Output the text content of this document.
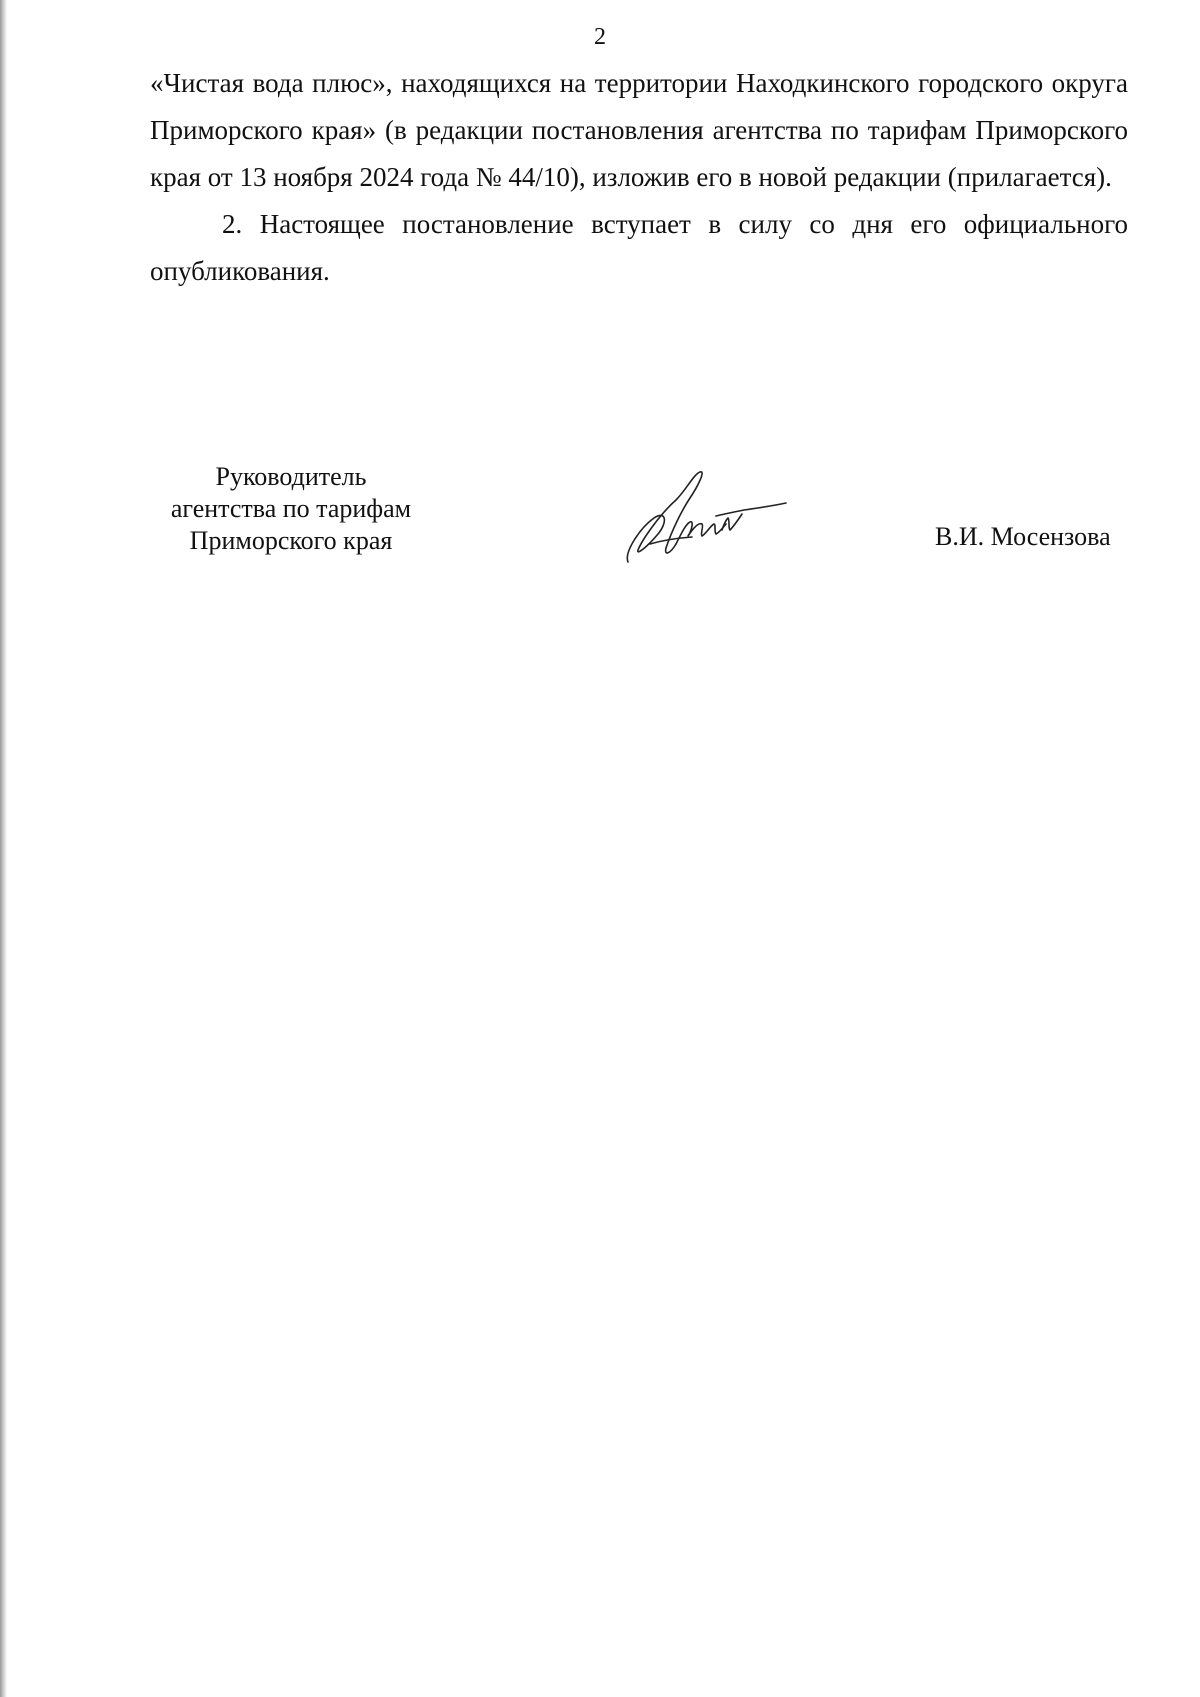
2

«Чистая вода плюс», находящихся на территории Находкинского городского округа Приморского края» (в редакции постановления агентства по тарифам Приморского края от 13 ноября 2024 года № 44/10), изложив его в новой редакции (прилагается).

2. Настоящее постановление вступает в силу со дня его официального опубликования.

Руководитель
агентства по тарифам
Приморского края	В.И. Мосензова
